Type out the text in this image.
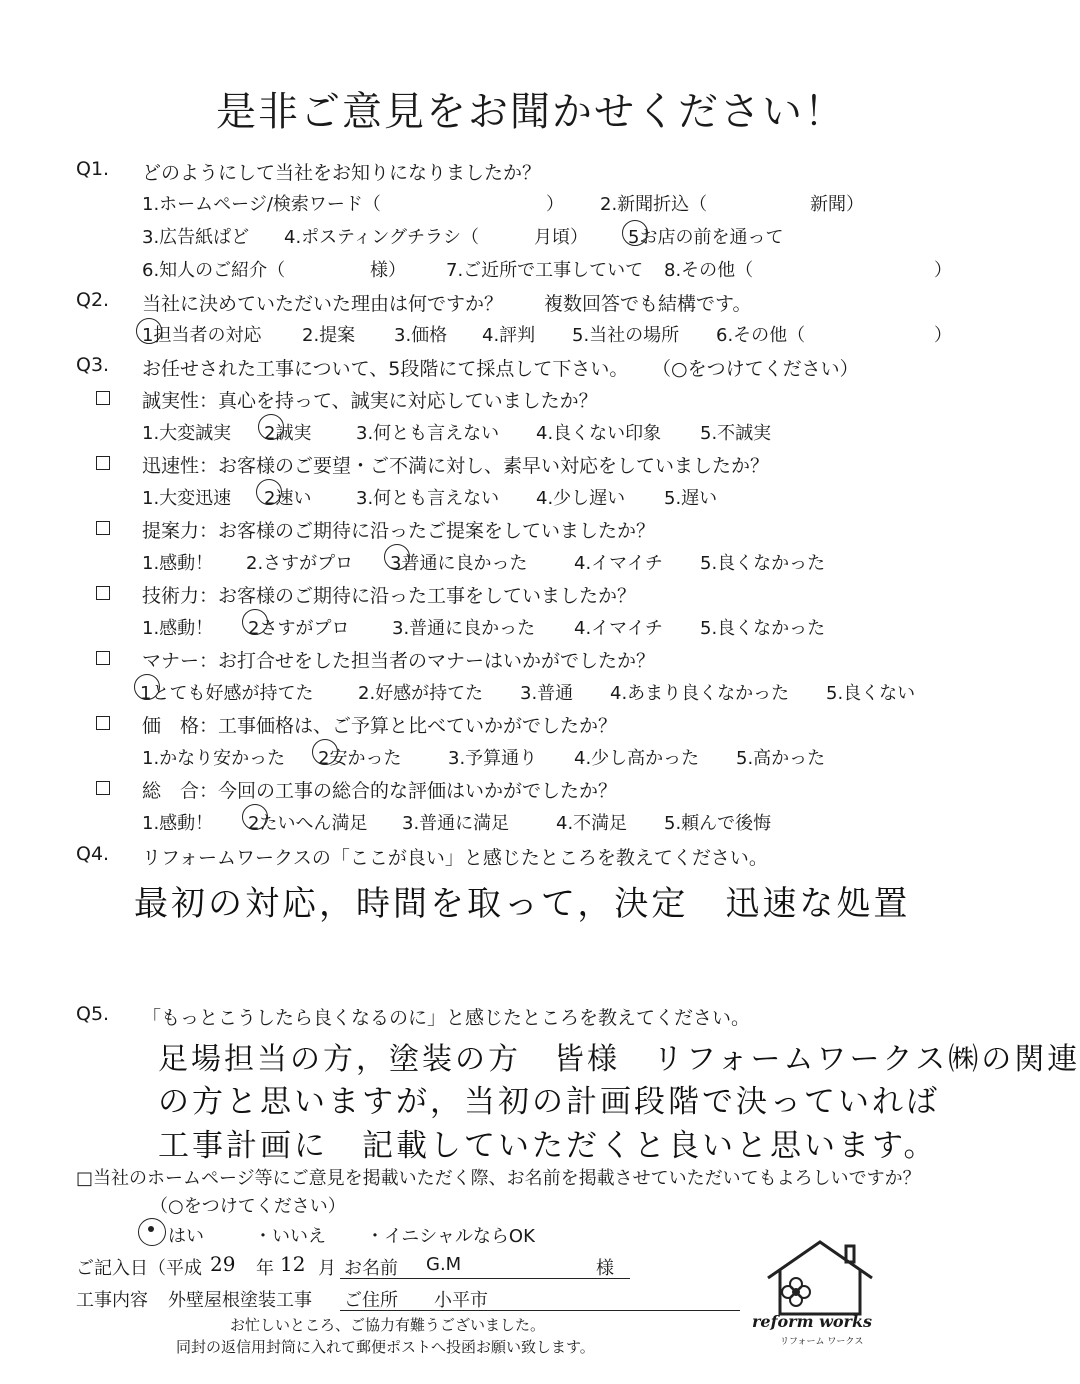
是非ご意見をお聞かせください！
Q1. どのようにして当社をお知りになりましたか？
1.ホームページ/検索ワード（	） 2.新聞折込（	新聞）
3.広告紙ぱど 4.ポスティングチラシ（	月頃） 5お店の前を通って
6.知人のご紹介（	様） 7.ご近所で工事していて 8.その他（	）
Q2. 当社に決めていただいた理由は何ですか？ 複数回答でも結構です。
1担当者の対応 2.提案 3.価格 4.評判 5.当社の場所 6.その他（	）
Q3. お任せされた工事について、5段階にて採点して下さい。 （○をつけてください）
誠実性：真心を持って、誠実に対応していましたか？
1.大変誠実 2誠実 3.何とも言えない 4.良くない印象 5.不誠実
迅速性：お客様のご要望・ご不満に対し、素早い対応をしていましたか？
1.大変迅速 2速い 3.何とも言えない 4.少し遅い 5.遅い
提案力：お客様のご期待に沿ったご提案をしていましたか？
1.感動！ 2.さすがプロ 3普通に良かった	4.イマイチ 5.良くなかった
技術力：お客様のご期待に沿った工事をしていましたか？
1.感動！ 2さすがプロ 3.普通に良かった 4.イマイチ 5.良くなかった
マナー：お打合せをした担当者のマナーはいかがでしたか？
1とても好感が持てた 2.好感が持てた 3.普通 4.あまり良くなかった 5.良くない
価　格：工事価格は、ご予算と比べていかがでしたか？
1.かなり安かった 2安かった	3.予算通り 4.少し高かった 5.高かった
総　合：今回の工事の総合的な評価はいかがでしたか？
1.感動！ 2たいへん満足 3.普通に満足	4.不満足 5.頼んで後悔
Q4. リフォームワークスの「ここが良い」と感じたところを教えてください。
最初の対応，時間を取って，決定　迅速な処置
Q5. 「もっとこうしたら良くなるのに」と感じたところを教えてください。
足場担当の方，塗装の方　皆様　リフォームワークス㈱の関連
の方と思いますが，当初の計画段階で決っていれば
工事計画に　記載していただくと良いと思います。
□当社のホームページ等にご意見を掲載いただく際、お名前を掲載させていただいてもよろしいですか？
（○をつけてください）
はい	・いいえ ・イニシャルならOK
ご記入日（平成 29 年 12 月 お名前 G.M	様
工事内容 外壁屋根塗装工事 ご住所 小平市
お忙しいところ、ご協力有難うございました。
同封の返信用封筒に入れて郵便ポストへ投函お願い致します。
reform works
リフォーム ワークス
